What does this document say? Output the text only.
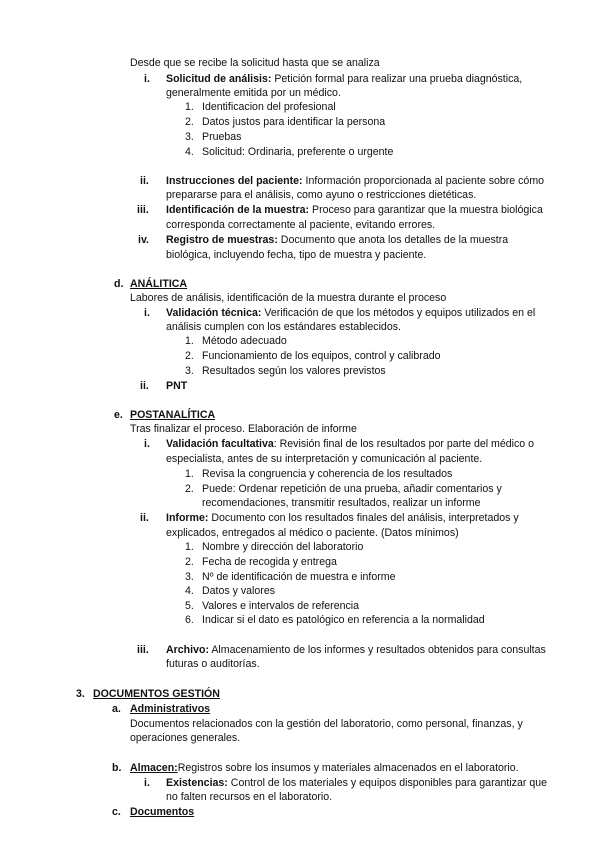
Desde que se recibe la solicitud hasta que se analiza
i. Solicitud de análisis: Petición formal para realizar una prueba diagnóstica,
generalmente emitida por un médico.
1. Identificacion del profesional
2. Datos justos para identificar la persona
3. Pruebas
4. Solicitud: Ordinaria, preferente o urgente
ii. Instrucciones del paciente: Información proporcionada al paciente sobre cómo
prepararse para el análisis, como ayuno o restricciones dietéticas.
iii. Identificación de la muestra: Proceso para garantizar que la muestra biológica
corresponda correctamente al paciente, evitando errores.
iv. Registro de muestras: Documento que anota los detalles de la muestra
biológica, incluyendo fecha, tipo de muestra y paciente.
d. ANÁLITICA
Labores de análisis, identificación de la muestra durante el proceso
i. Validación técnica: Verificación de que los métodos y equipos utilizados en el
análisis cumplen con los estándares establecidos.
1. Método adecuado
2. Funcionamiento de los equipos, control y calibrado
3. Resultados según los valores previstos
ii. PNT
e. POSTANALÍTICA
Tras finalizar el proceso. Elaboración de informe
i. Validación facultativa: Revisión final de los resultados por parte del médico o
especialista, antes de su interpretación y comunicación al paciente.
1. Revisa la congruencia y coherencia de los resultados
2. Puede: Ordenar repetición de una prueba, añadir comentarios y
recomendaciones, transmitir resultados, realizar un informe
ii. Informe: Documento con los resultados finales del análisis, interpretados y
explicados, entregados al médico o paciente. (Datos mínimos)
1. Nombre y dirección del laboratorio
2. Fecha de recogida y entrega
3. Nº de identificación de muestra e informe
4. Datos y valores
5. Valores e intervalos de referencia
6. Indicar si el dato es patológico en referencia a la normalidad
iii. Archivo: Almacenamiento de los informes y resultados obtenidos para consultas
futuras o auditorías.
3. DOCUMENTOS GESTIÓN
a. Administrativos
Documentos relacionados con la gestión del laboratorio, como personal, finanzas, y
operaciones generales.
b. Almacen:Registros sobre los insumos y materiales almacenados en el laboratorio.
i. Existencias: Control de los materiales y equipos disponibles para garantizar que
no falten recursos en el laboratorio.
c. Documentos
